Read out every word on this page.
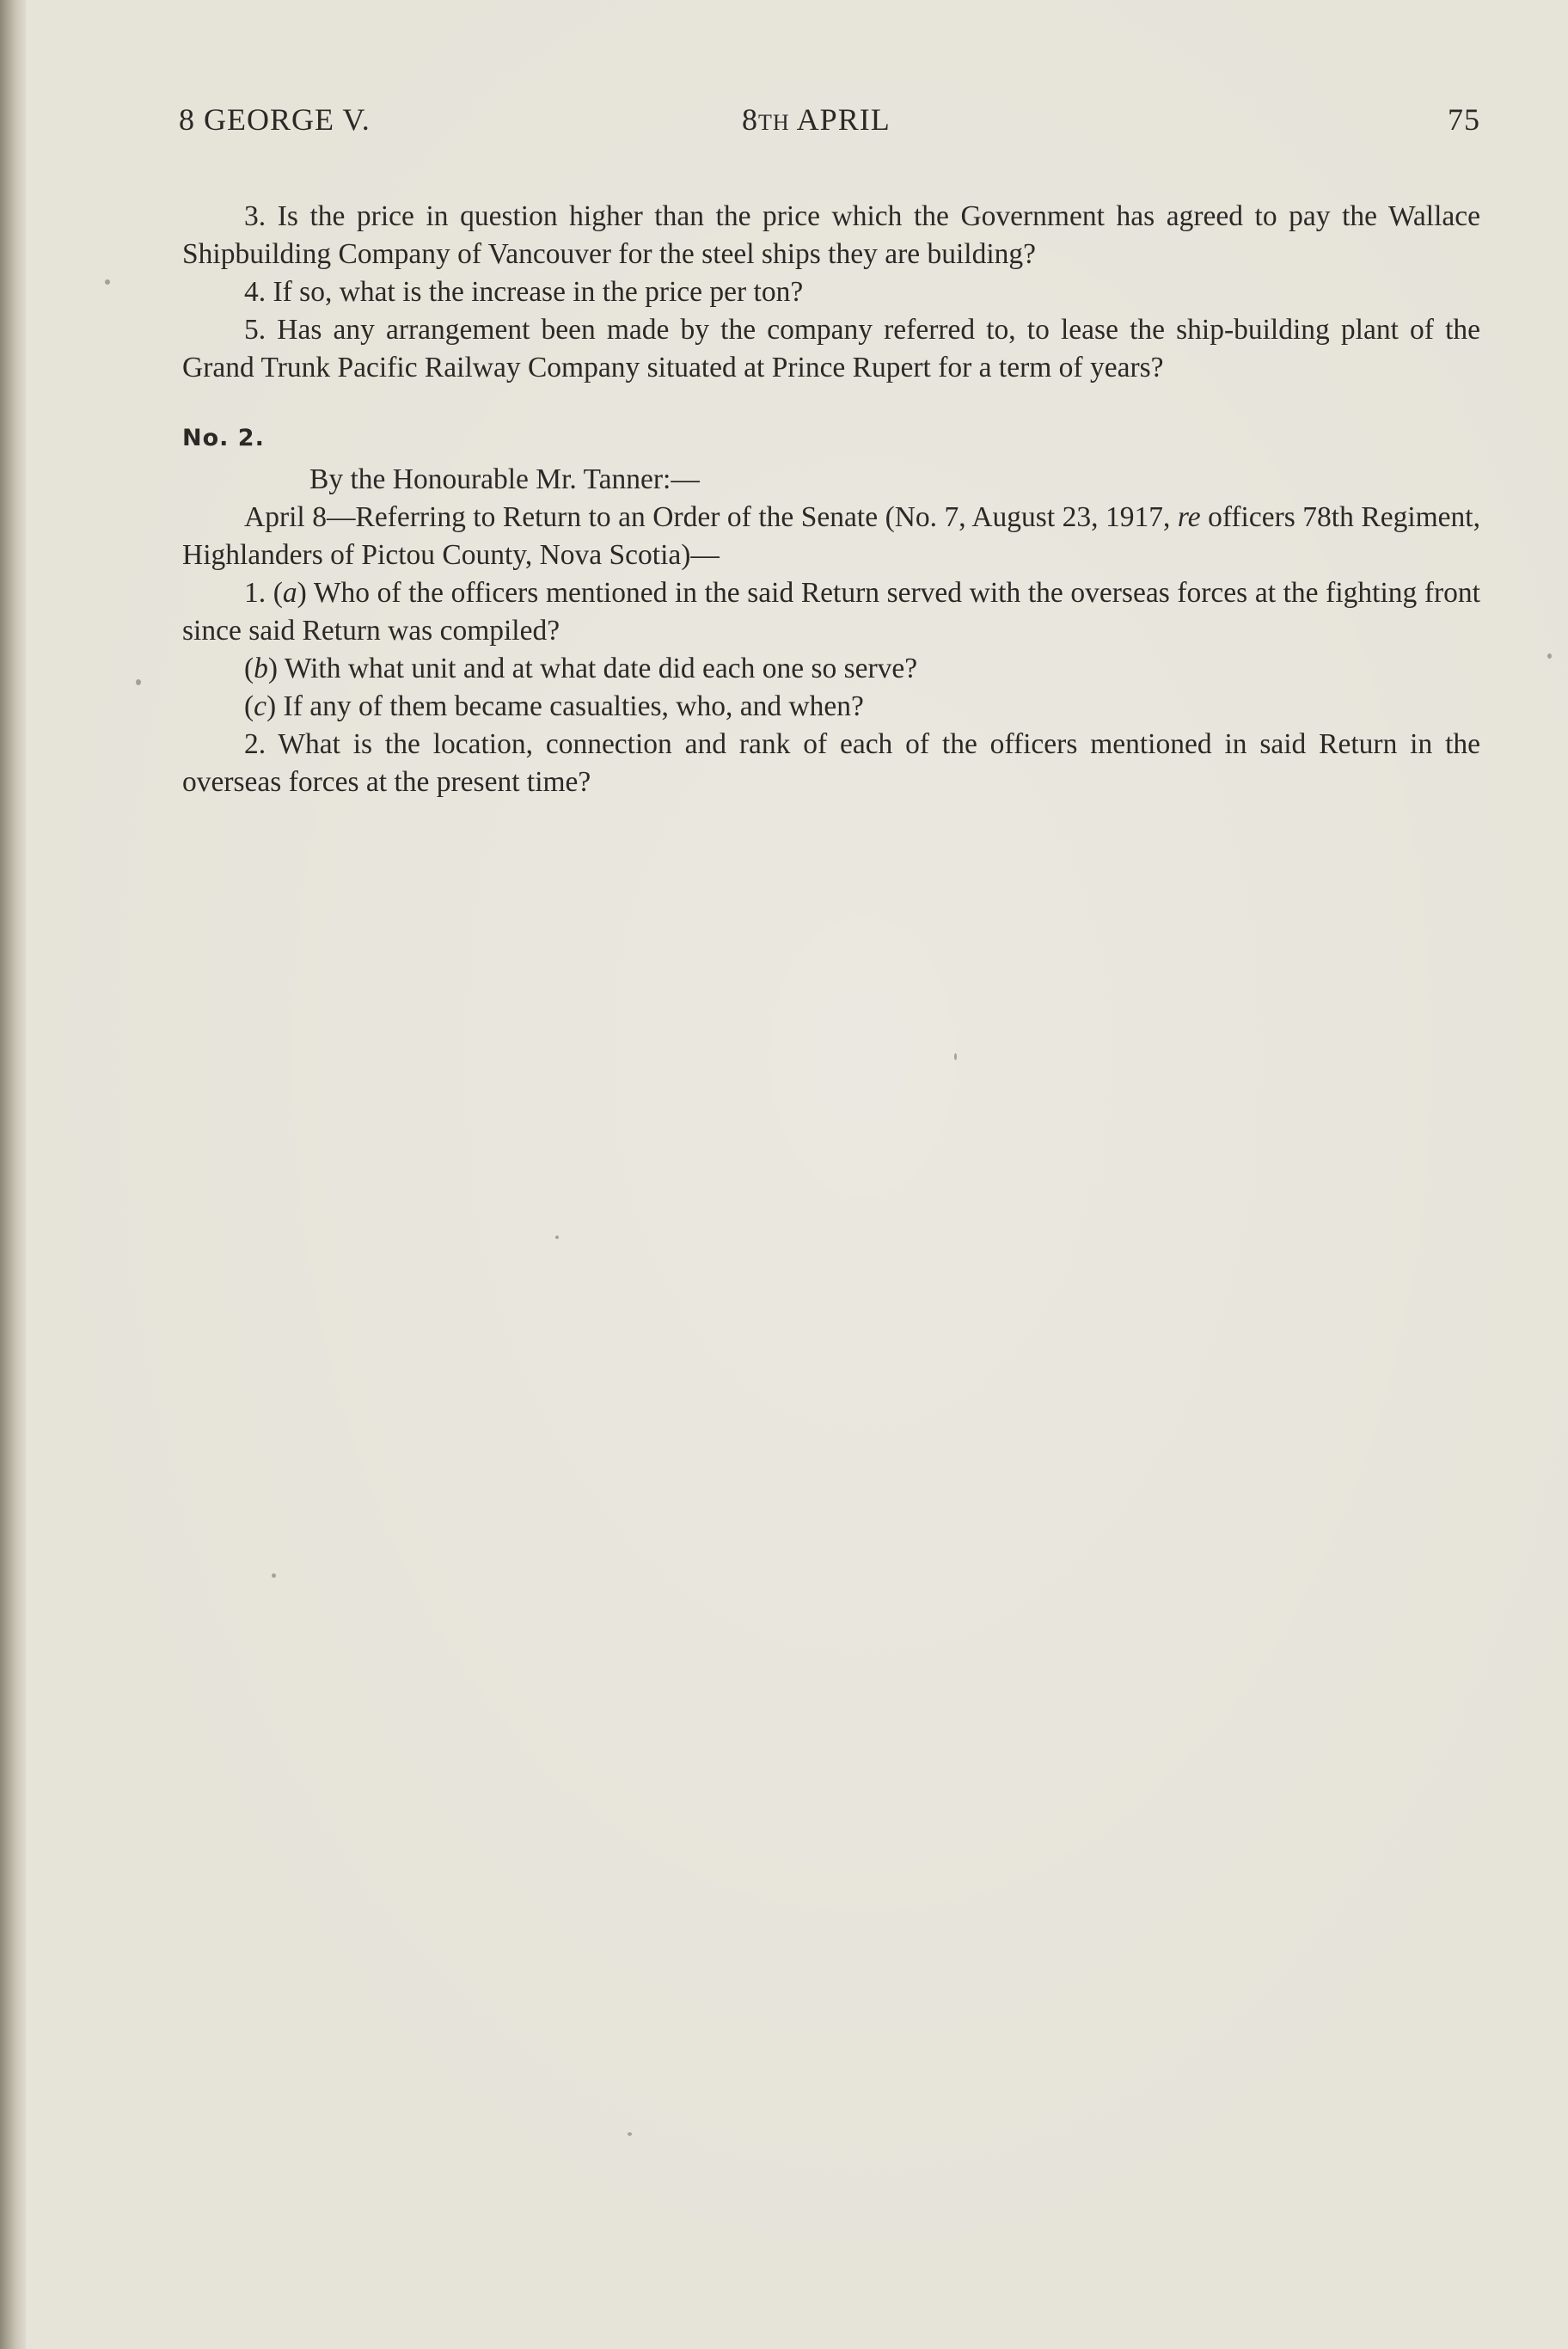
8 GEORGE V.	8TH APRIL	75

3. Is the price in question higher than the price which the Government has agreed to pay the Wallace Shipbuilding Company of Vancouver for the steel ships they are building?

4. If so, what is the increase in the price per ton?

5. Has any arrangement been made by the company referred to, to lease the ship-building plant of the Grand Trunk Pacific Railway Company situated at Prince Rupert for a term of years?

No. 2.

By the Honourable Mr. Tanner:—

April 8—Referring to Return to an Order of the Senate (No. 7, August 23, 1917, re officers 78th Regiment, Highlanders of Pictou County, Nova Scotia)—

1. (a) Who of the officers mentioned in the said Return served with the overseas forces at the fighting front since said Return was compiled?

(b) With what unit and at what date did each one so serve?

(c) If any of them became casualties, who, and when?

2. What is the location, connection and rank of each of the officers mentioned in said Return in the overseas forces at the present time?
